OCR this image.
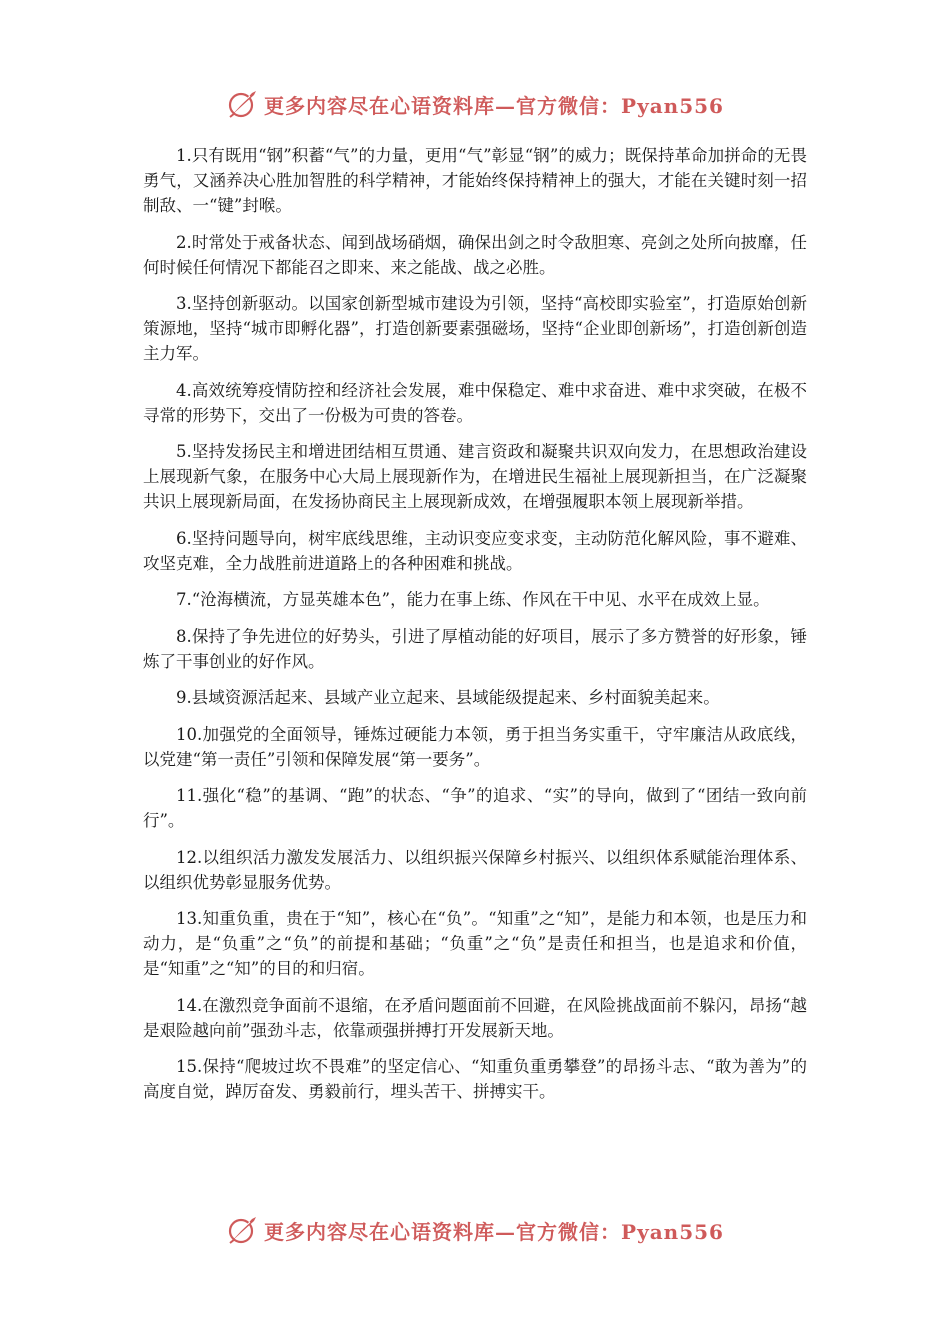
更多内容尽在心语资料库—官方微信：Pyan556

1.只有既用“钢”积蓄“气”的力量，更用“气”彰显“钢”的威力；既保持革命加拼命的无畏勇气，又涵养决心胜加智胜的科学精神，才能始终保持精神上的强大，才能在关键时刻一招制敌、一“键”封喉。

2.时常处于戒备状态、闻到战场硝烟，确保出剑之时令敌胆寒、亮剑之处所向披靡，任何时候任何情况下都能召之即来、来之能战、战之必胜。

3.坚持创新驱动。以国家创新型城市建设为引领，坚持“高校即实验室”，打造原始创新策源地，坚持“城市即孵化器”，打造创新要素强磁场，坚持“企业即创新场”，打造创新创造主力军。

4.高效统筹疫情防控和经济社会发展，难中保稳定、难中求奋进、难中求突破，在极不寻常的形势下，交出了一份极为可贵的答卷。

5.坚持发扬民主和增进团结相互贯通、建言资政和凝聚共识双向发力，在思想政治建设上展现新气象，在服务中心大局上展现新作为，在增进民生福祉上展现新担当，在广泛凝聚共识上展现新局面，在发扬协商民主上展现新成效，在增强履职本领上展现新举措。

6.坚持问题导向，树牢底线思维，主动识变应变求变，主动防范化解风险，事不避难、攻坚克难，全力战胜前进道路上的各种困难和挑战。

7.“沧海横流，方显英雄本色”，能力在事上练、作风在干中见、水平在成效上显。

8.保持了争先进位的好势头，引进了厚植动能的好项目，展示了多方赞誉的好形象，锤炼了干事创业的好作风。

9.县域资源活起来、县域产业立起来、县域能级提起来、乡村面貌美起来。

10.加强党的全面领导，锤炼过硬能力本领，勇于担当务实重干，守牢廉洁从政底线，以党建“第一责任”引领和保障发展“第一要务”。

11.强化“稳”的基调、“跑”的状态、“争”的追求、“实”的导向，做到了“团结一致向前行”。

12.以组织活力激发发展活力、以组织振兴保障乡村振兴、以组织体系赋能治理体系、以组织优势彰显服务优势。

13.知重负重，贵在于“知”，核心在“负”。“知重”之“知”，是能力和本领，也是压力和动力，是“负重”之“负”的前提和基础；“负重”之“负”是责任和担当，也是追求和价值，是“知重”之“知”的目的和归宿。

14.在激烈竞争面前不退缩，在矛盾问题面前不回避，在风险挑战面前不躲闪，昂扬“越是艰险越向前”强劲斗志，依靠顽强拼搏打开发展新天地。

15.保持“爬坡过坎不畏难”的坚定信心、“知重负重勇攀登”的昂扬斗志、“敢为善为”的高度自觉，踔厉奋发、勇毅前行，埋头苦干、拼搏实干。

更多内容尽在心语资料库—官方微信：Pyan556
